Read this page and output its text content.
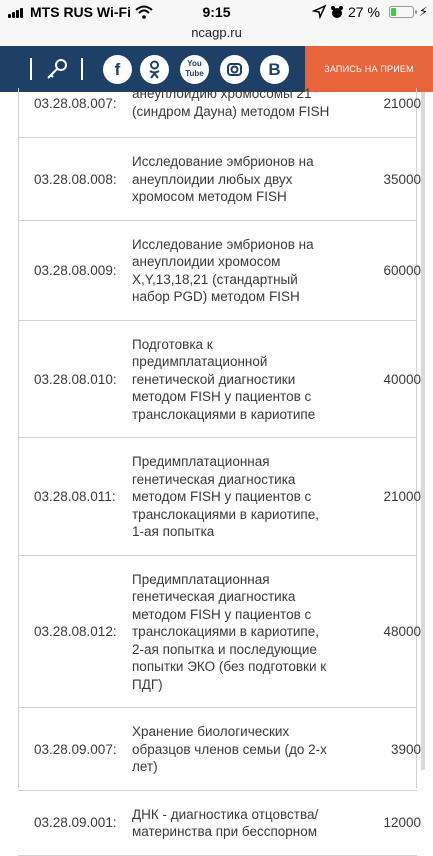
MTS RUS Wi-Fi	9:15	27 %	⚡
ncagp.ru
f	You Tube	В	ЗАПИСЬ НА ПРИЕМ
03.28.08.007:
анеуплоидию хромосомы 21
(синдром Дауна) методом FISH	21000
03.28.08.008:
Исследование эмбрионов на
анеуплоидии любых двух
хромосом методом FISH
35000
03.28.08.009:
Исследование эмбрионов на
анеуплоидии хромосом
X,Y,13,18,21 (стандартный
набор PGD) методом FISH
60000
03.28.08.010:
Подготовка к
предимплатационной
генетической диагностики
методом FISH у пациентов с
транслокациями в кариотипе
40000
03.28.08.011:
Предимплатационная
генетическая диагностика
методом FISH у пациентов с
транслокациями в кариотипе,
1-ая попытка
21000
03.28.08.012:
Предимплатационная
генетическая диагностика
методом FISH у пациентов с
транслокациями в кариотипе,
2-ая попытка и последующие
попытки ЭКО (без подготовки к
ПДГ)
48000
03.28.09.007:
Хранение биологических
образцов членов семьи (до 2-х
лет)
3900
03.28.09.001:
ДНК - диагностика отцовства/
материнства при бесспорном
12000
